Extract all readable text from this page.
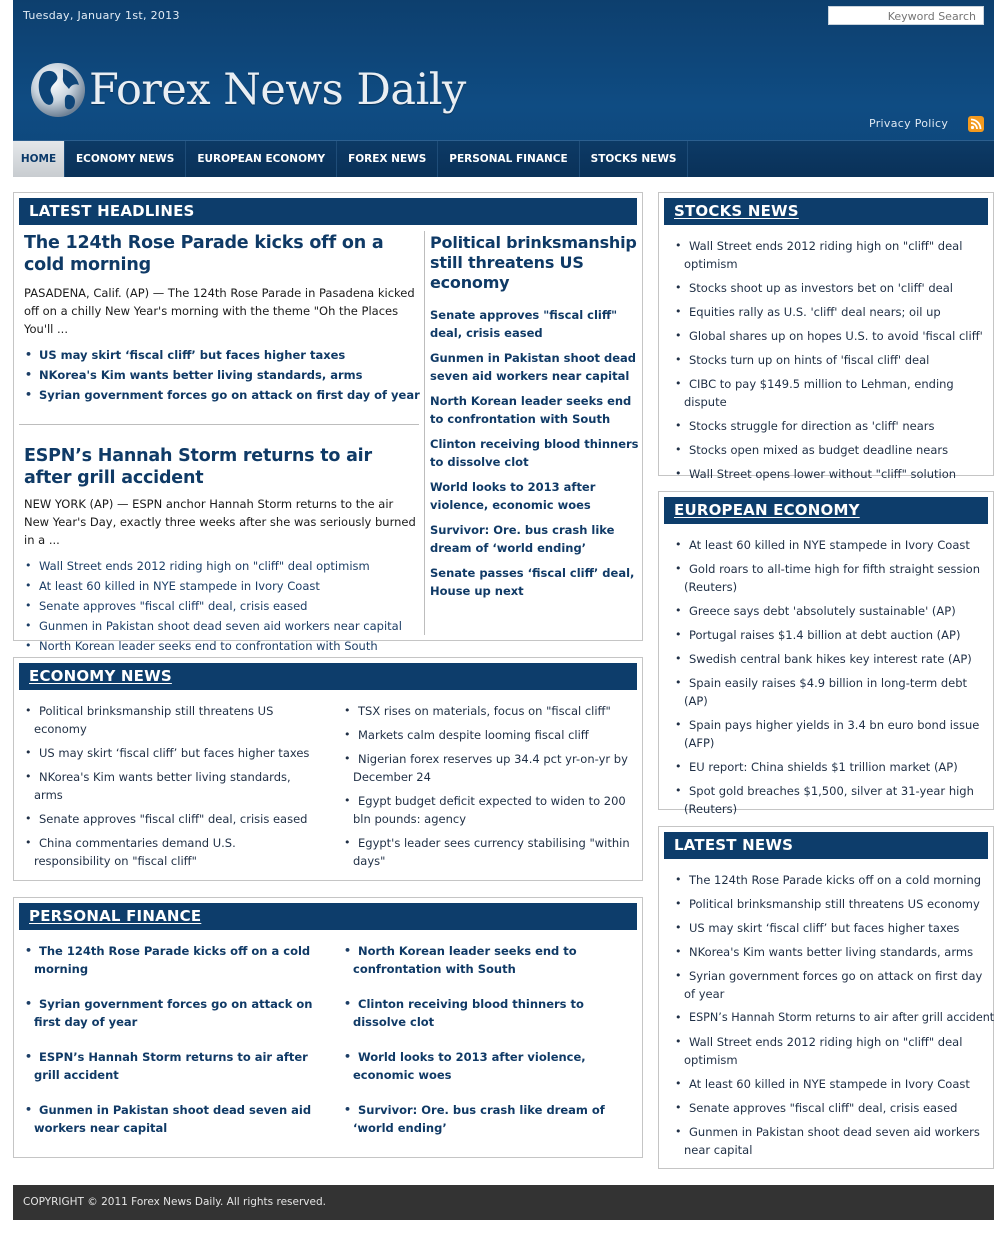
Tuesday, January 1st, 2013
Keyword Search
Forex News Daily
Privacy Policy
HOME	ECONOMY NEWS	EUROPEAN ECONOMY	FOREX NEWS	PERSONAL FINANCE	STOCKS NEWS
LATEST HEADLINES
The 124th Rose Parade kicks off on a cold morning

PASADENA, Calif. (AP) — The 124th Rose Parade in Pasadena kicked off on a chilly New Year's morning with the theme "Oh the Places You'll ...

• US may skirt ‘fiscal cliff’ but faces higher taxes
• NKorea's Kim wants better living standards, arms
• Syrian government forces go on attack on first day of year
ESPN’s Hannah Storm returns to air after grill accident

NEW YORK (AP) — ESPN anchor Hannah Storm returns to the air New Year's Day, exactly three weeks after she was seriously burned in a ...

• Wall Street ends 2012 riding high on "cliff" deal optimism
• At least 60 killed in NYE stampede in Ivory Coast
• Senate approves "fiscal cliff" deal, crisis eased
• Gunmen in Pakistan shoot dead seven aid workers near capital
• North Korean leader seeks end to confrontation with South
Political brinksmanship still threatens US economy
Senate approves "fiscal cliff" deal, crisis eased
Gunmen in Pakistan shoot dead seven aid workers near capital
North Korean leader seeks end to confrontation with South
Clinton receiving blood thinners to dissolve clot
World looks to 2013 after violence, economic woes
Survivor: Ore. bus crash like dream of ‘world ending’
Senate passes ‘fiscal cliff’ deal, House up next
ECONOMY NEWS
• Political brinksmanship still threatens US economy
• US may skirt ‘fiscal cliff’ but faces higher taxes
• NKorea's Kim wants better living standards, arms
• Senate approves "fiscal cliff" deal, crisis eased
• China commentaries demand U.S. responsibility on "fiscal cliff"
• TSX rises on materials, focus on "fiscal cliff"
• Markets calm despite looming fiscal cliff
• Nigerian forex reserves up 34.4 pct yr-on-yr by December 24
• Egypt budget deficit expected to widen to 200 bln pounds: agency
• Egypt's leader sees currency stabilising "within days"
PERSONAL FINANCE
• The 124th Rose Parade kicks off on a cold morning
• Syrian government forces go on attack on first day of year
• ESPN’s Hannah Storm returns to air after grill accident
• Gunmen in Pakistan shoot dead seven aid workers near capital
• North Korean leader seeks end to confrontation with South
• Clinton receiving blood thinners to dissolve clot
• World looks to 2013 after violence, economic woes
• Survivor: Ore. bus crash like dream of ‘world ending’
STOCKS NEWS
• Wall Street ends 2012 riding high on "cliff" deal optimism
• Stocks shoot up as investors bet on 'cliff' deal
• Equities rally as U.S. 'cliff' deal nears; oil up
• Global shares up on hopes U.S. to avoid 'fiscal cliff'
• Stocks turn up on hints of 'fiscal cliff' deal
• CIBC to pay $149.5 million to Lehman, ending dispute
• Stocks struggle for direction as 'cliff' nears
• Stocks open mixed as budget deadline nears
• Wall Street opens lower without "cliff" solution
EUROPEAN ECONOMY
• At least 60 killed in NYE stampede in Ivory Coast
• Gold roars to all-time high for fifth straight session (Reuters)
• Greece says debt 'absolutely sustainable' (AP)
• Portugal raises $1.4 billion at debt auction (AP)
• Swedish central bank hikes key interest rate (AP)
• Spain easily raises $4.9 billion in long-term debt (AP)
• Spain pays higher yields in 3.4 bn euro bond issue (AFP)
• EU report: China shields $1 trillion market (AP)
• Spot gold breaches $1,500, silver at 31-year high (Reuters)
LATEST NEWS
• The 124th Rose Parade kicks off on a cold morning
• Political brinksmanship still threatens US economy
• US may skirt ‘fiscal cliff’ but faces higher taxes
• NKorea's Kim wants better living standards, arms
• Syrian government forces go on attack on first day of year
• ESPN’s Hannah Storm returns to air after grill accident
• Wall Street ends 2012 riding high on "cliff" deal optimism
• At least 60 killed in NYE stampede in Ivory Coast
• Senate approves "fiscal cliff" deal, crisis eased
• Gunmen in Pakistan shoot dead seven aid workers near capital
COPYRIGHT © 2011 Forex News Daily. All rights reserved.
